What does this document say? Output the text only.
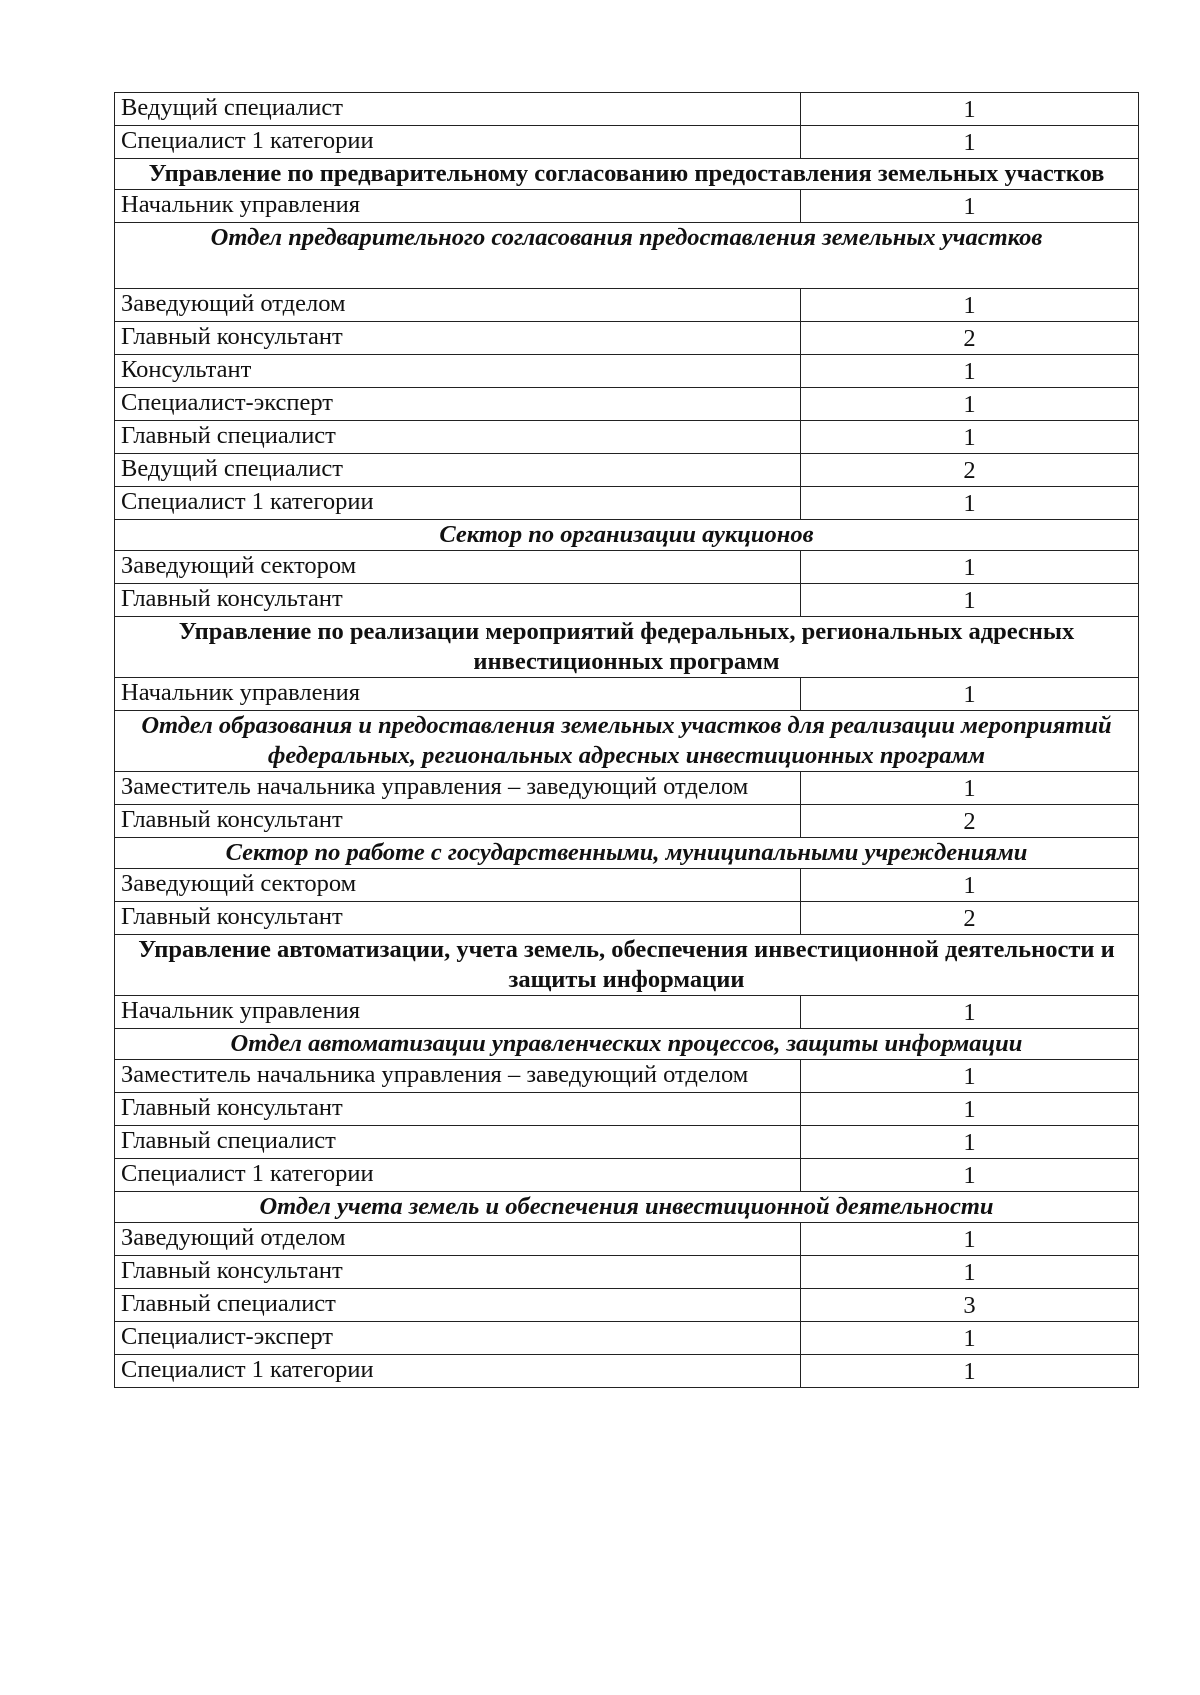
Ведущий специалист	1
Специалист 1 категории	1
Управление по предварительному согласованию предоставления земельных участков	
Начальник управления	1
Отдел предварительного согласования предоставления земельных участков	
Заведующий отделом	1
Главный консультант	2
Консультант	1
Специалист-эксперт	1
Главный специалист	1
Ведущий специалист	2
Специалист 1 категории	1
Сектор по организации аукционов	
Заведующий сектором	1
Главный консультант	1
Управление по реализации мероприятий федеральных, региональных адресных инвестиционных программ	
Начальник управления	1
Отдел образования и предоставления земельных участков для реализации мероприятий федеральных, региональных адресных инвестиционных программ	
Заместитель начальника управления – заведующий отделом	1
Главный консультант	2
Сектор по работе с государственными, муниципальными учреждениями	
Заведующий сектором	1
Главный консультант	2
Управление автоматизации, учета земель, обеспечения инвестиционной деятельности и защиты информации	
Начальник управления	1
Отдел автоматизации управленческих процессов, защиты информации	
Заместитель начальника управления – заведующий отделом	1
Главный консультант	1
Главный специалист	1
Специалист 1 категории	1
Отдел учета земель и обеспечения инвестиционной деятельности	
Заведующий отделом	1
Главный консультант	1
Главный специалист	3
Специалист-эксперт	1
Специалист 1 категории	1
